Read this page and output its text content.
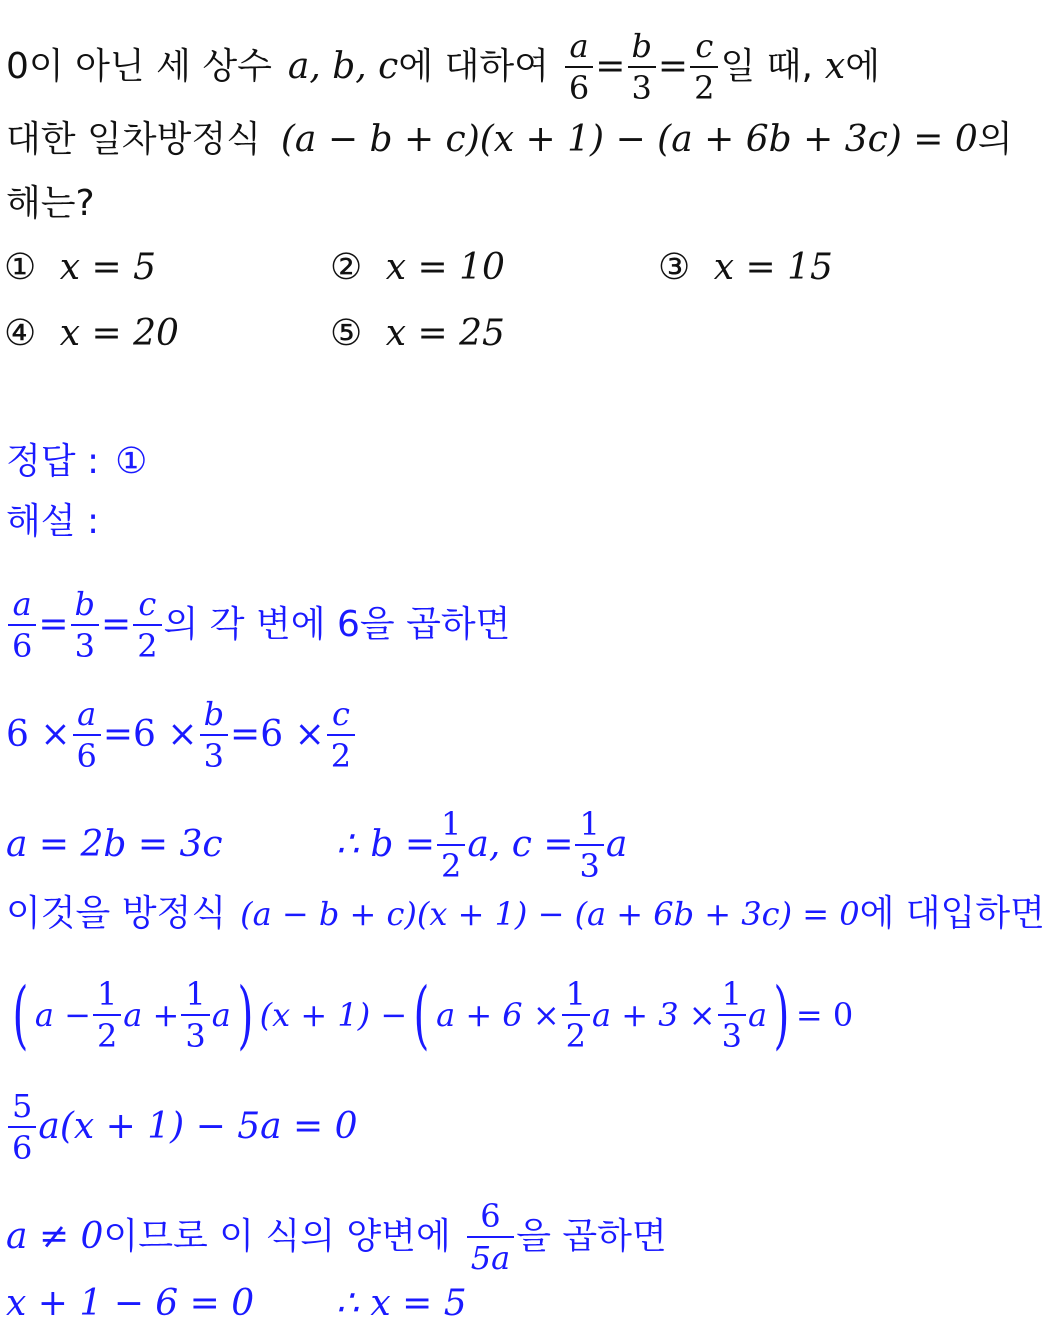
0이 아닌 세 상수 a, b, c 에 대하여 $\frac{a}{6} = \frac{b}{3} = \frac{c}{2}$ 일 때, x 에
대한 일차방정식 (a − b + c)(x + 1) − (a + 6b + 3c) = 0 의
해는?
① x = 5	② x = 10	③ x = 15
④ x = 20	⑤ x = 25
정답 : ①
해설 :
$\frac{a}{6} = \frac{b}{3} = \frac{c}{2}$ 의 각 변에 6을 곱하면
$6 \times \frac{a}{6} = 6 \times \frac{b}{3} = 6 \times \frac{c}{2}$
a = 2b = 3c	∴ $b = \frac{1}{2} a$, $c = \frac{1}{3}$ a
이것을 방정식 (a − b + c)(x + 1) − (a + 6b + 3c) = 0 에 대입하면
( $a - \frac{1}{2}$ $a + \frac{1}{3}$ a ) (x + 1) − ( $a + 6 \times \frac{1}{2}$ $a + 3 \times \frac{1}{3}$ a ) = 0
$\frac{5}{6} a(x + 1) - 5a = 0$
a ≠ 0 이므로 이 식의 양변에 $\frac{6}{5a}$ 을 곱하면
x + 1 − 6 = 0	∴ x = 5
